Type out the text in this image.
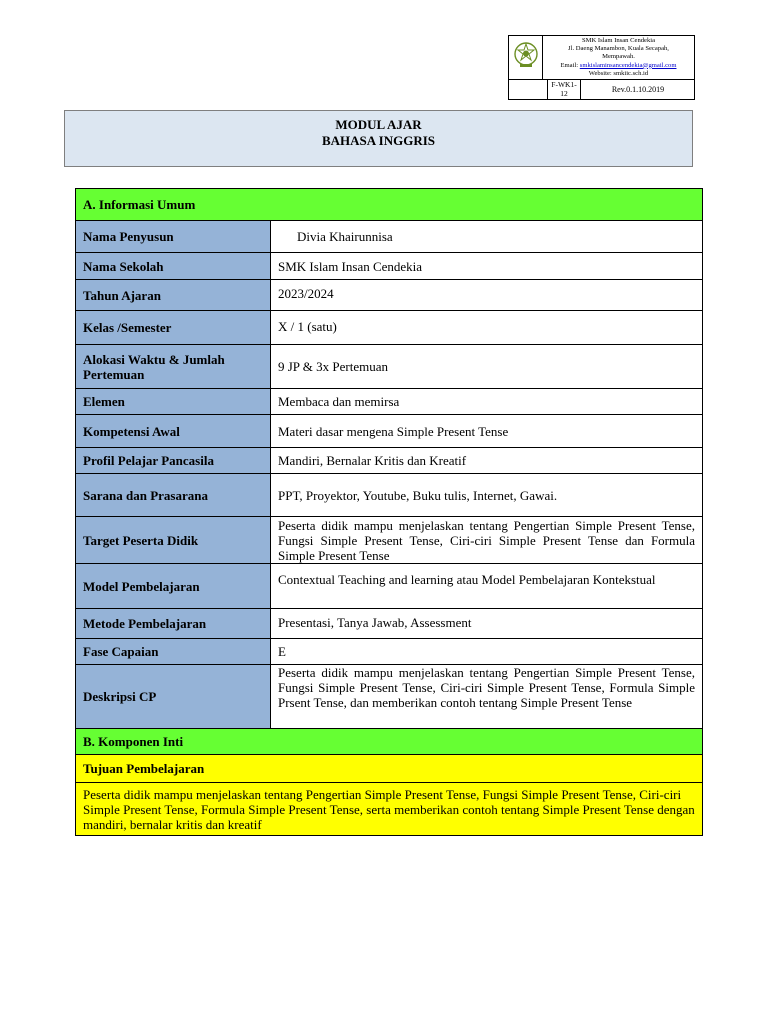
SMK Islam Insan Cendekia
Jl. Daeng Manambon, Kuala Secapah,
Mempawah.
Email: smkislaminsancendekia@gmail.com
Website: smkiic.sch.id
F-WK1-12	Rev.0.1.10.2019
MODUL AJAR
BAHASA INGGRIS
A. Informasi Umum	
Nama Penyusun	Divia Khairunnisa
Nama Sekolah	SMK Islam Insan Cendekia
Tahun Ajaran	2023/2024
Kelas /Semester	X / 1 (satu)
Alokasi Waktu & Jumlah Pertemuan	9 JP & 3x Pertemuan
Elemen	Membaca dan memirsa
Kompetensi Awal	Materi dasar mengena Simple Present Tense
Profil Pelajar Pancasila	Mandiri, Bernalar Kritis dan Kreatif
Sarana dan Prasarana	PPT, Proyektor, Youtube, Buku tulis, Internet, Gawai.
Target Peserta Didik	Peserta didik mampu menjelaskan tentang Pengertian Simple Present Tense, Fungsi Simple Present Tense, Ciri-ciri Simple Present Tense dan Formula Simple Present Tense
Model Pembelajaran	Contextual Teaching and learning atau Model Pembelajaran Kontekstual
Metode Pembelajaran	Presentasi, Tanya Jawab, Assessment
Fase Capaian	E
Deskripsi CP	Peserta didik mampu menjelaskan tentang Pengertian Simple Present Tense, Fungsi Simple Present Tense, Ciri-ciri Simple Present Tense, Formula Simple Prsent Tense, dan memberikan contoh tentang Simple Present Tense
B. Komponen Inti	
Tujuan Pembelajaran	
Peserta didik mampu menjelaskan tentang Pengertian Simple Present Tense, Fungsi Simple Present Tense, Ciri-ciri Simple Present Tense, Formula Simple Present Tense, serta memberikan contoh tentang Simple Present Tense dengan mandiri, bernalar kritis dan kreatif	
